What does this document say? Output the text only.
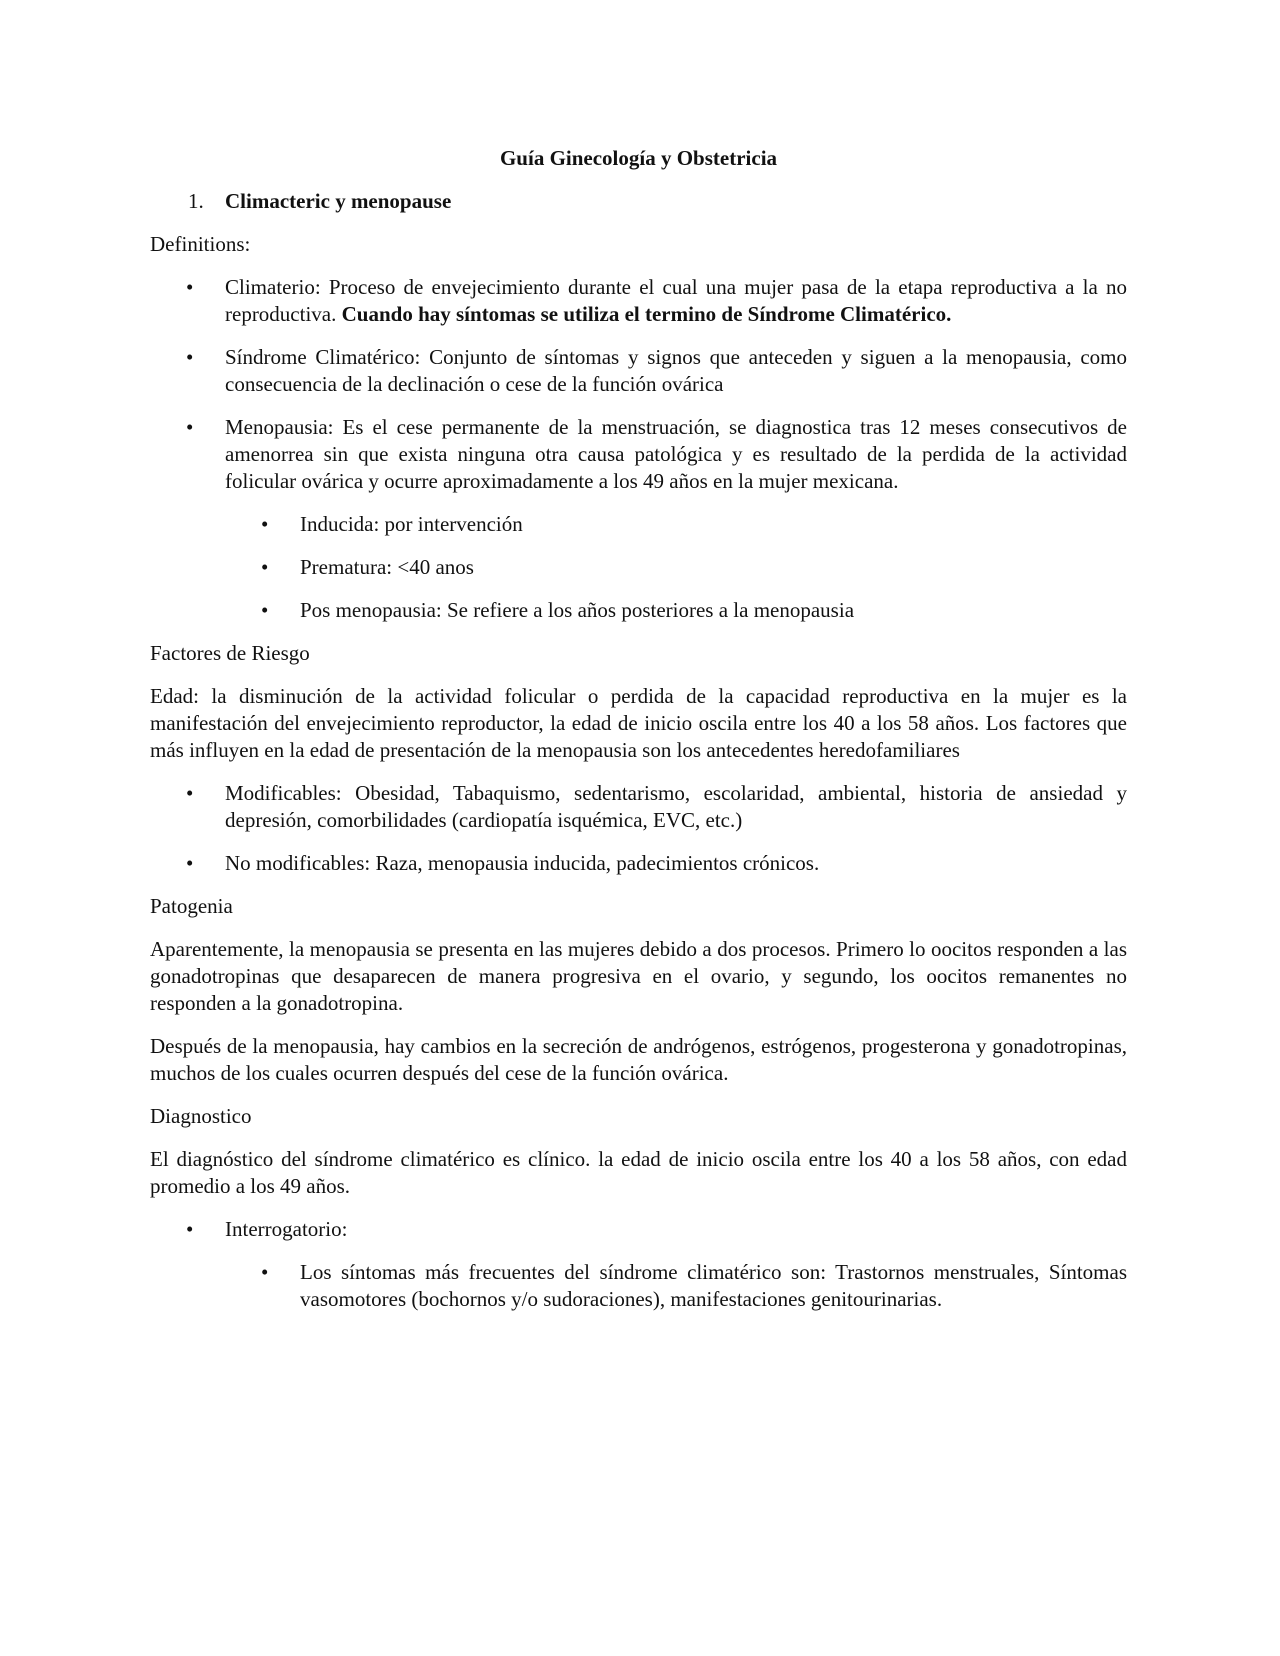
Guía Ginecología y Obstetricia

1. Climacteric y menopause

Definitions:

• Climaterio: Proceso de envejecimiento durante el cual una mujer pasa de la etapa reproductiva a la no reproductiva. Cuando hay síntomas se utiliza el termino de Síndrome Climatérico.

• Síndrome Climatérico: Conjunto de síntomas y signos que anteceden y siguen a la menopausia, como consecuencia de la declinación o cese de la función ovárica

• Menopausia: Es el cese permanente de la menstruación, se diagnostica tras 12 meses consecutivos de amenorrea sin que exista ninguna otra causa patológica y es resultado de la perdida de la actividad folicular ovárica y ocurre aproximadamente a los 49 años en la mujer mexicana.

• Inducida: por intervención

• Prematura: <40 anos

• Pos menopausia: Se refiere a los años posteriores a la menopausia

Factores de Riesgo

Edad: la disminución de la actividad folicular o perdida de la capacidad reproductiva en la mujer es la manifestación del envejecimiento reproductor, la edad de inicio oscila entre los 40 a los 58 años. Los factores que más influyen en la edad de presentación de la menopausia son los antecedentes heredofamiliares

• Modificables: Obesidad, Tabaquismo, sedentarismo, escolaridad, ambiental, historia de ansiedad y depresión, comorbilidades (cardiopatía isquémica, EVC, etc.)

• No modificables: Raza, menopausia inducida, padecimientos crónicos.

Patogenia

Aparentemente, la menopausia se presenta en las mujeres debido a dos procesos. Primero lo oocitos responden a las gonadotropinas que desaparecen de manera progresiva en el ovario, y segundo, los oocitos remanentes no responden a la gonadotropina.

Después de la menopausia, hay cambios en la secreción de andrógenos, estrógenos, progesterona y gonadotropinas, muchos de los cuales ocurren después del cese de la función ovárica.

Diagnostico

El diagnóstico del síndrome climatérico es clínico. la edad de inicio oscila entre los 40 a los 58 años, con edad promedio a los 49 años.

• Interrogatorio:

• Los síntomas más frecuentes del síndrome climatérico son: Trastornos menstruales, Síntomas vasomotores (bochornos y/o sudoraciones), manifestaciones genitourinarias.
